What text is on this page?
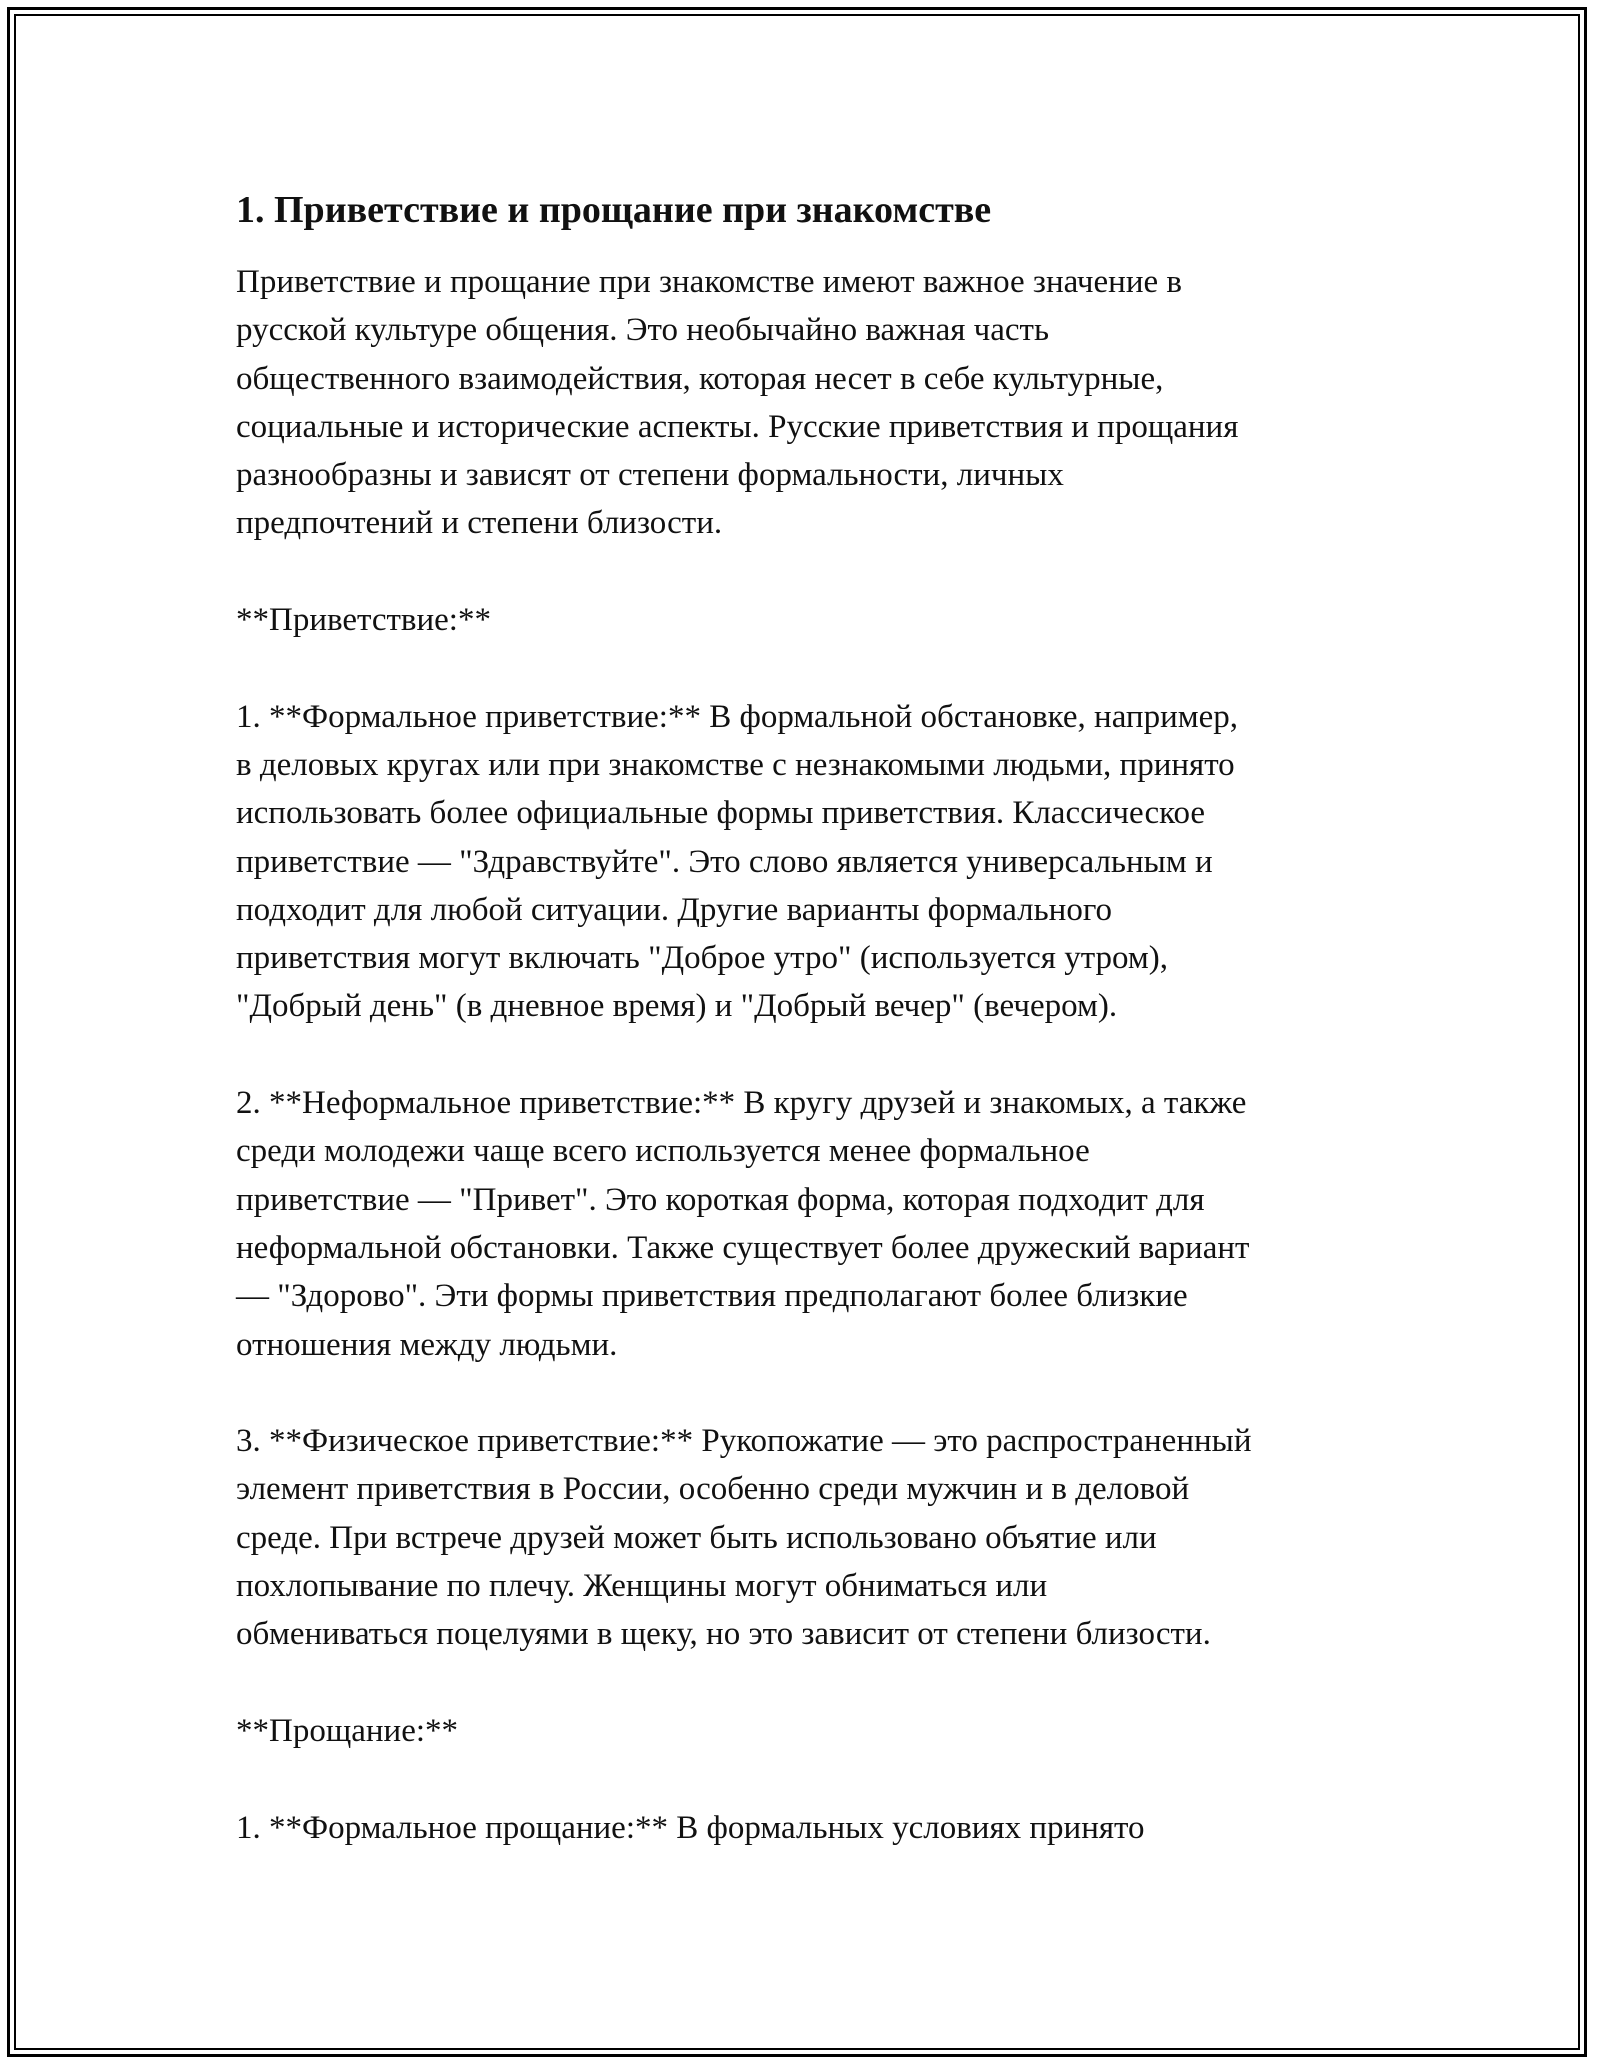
1. Приветствие и прощание при знакомстве

Приветствие и прощание при знакомстве имеют важное значение в
русской культуре общения. Это необычайно важная часть
общественного взаимодействия, которая несет в себе культурные,
социальные и исторические аспекты. Русские приветствия и прощания
разнообразны и зависят от степени формальности, личных
предпочтений и степени близости.

**Приветствие:**

1. **Формальное приветствие:** В формальной обстановке, например,
в деловых кругах или при знакомстве с незнакомыми людьми, принято
использовать более официальные формы приветствия. Классическое
приветствие — "Здравствуйте". Это слово является универсальным и
подходит для любой ситуации. Другие варианты формального
приветствия могут включать "Доброе утро" (используется утром),
"Добрый день" (в дневное время) и "Добрый вечер" (вечером).

2. **Неформальное приветствие:** В кругу друзей и знакомых, а также
среди молодежи чаще всего используется менее формальное
приветствие — "Привет". Это короткая форма, которая подходит для
неформальной обстановки. Также существует более дружеский вариант
— "Здорово". Эти формы приветствия предполагают более близкие
отношения между людьми.

3. **Физическое приветствие:** Рукопожатие — это распространенный
элемент приветствия в России, особенно среди мужчин и в деловой
среде. При встрече друзей может быть использовано объятие или
похлопывание по плечу. Женщины могут обниматься или
обмениваться поцелуями в щеку, но это зависит от степени близости.

**Прощание:**

1. **Формальное прощание:** В формальных условиях принято
